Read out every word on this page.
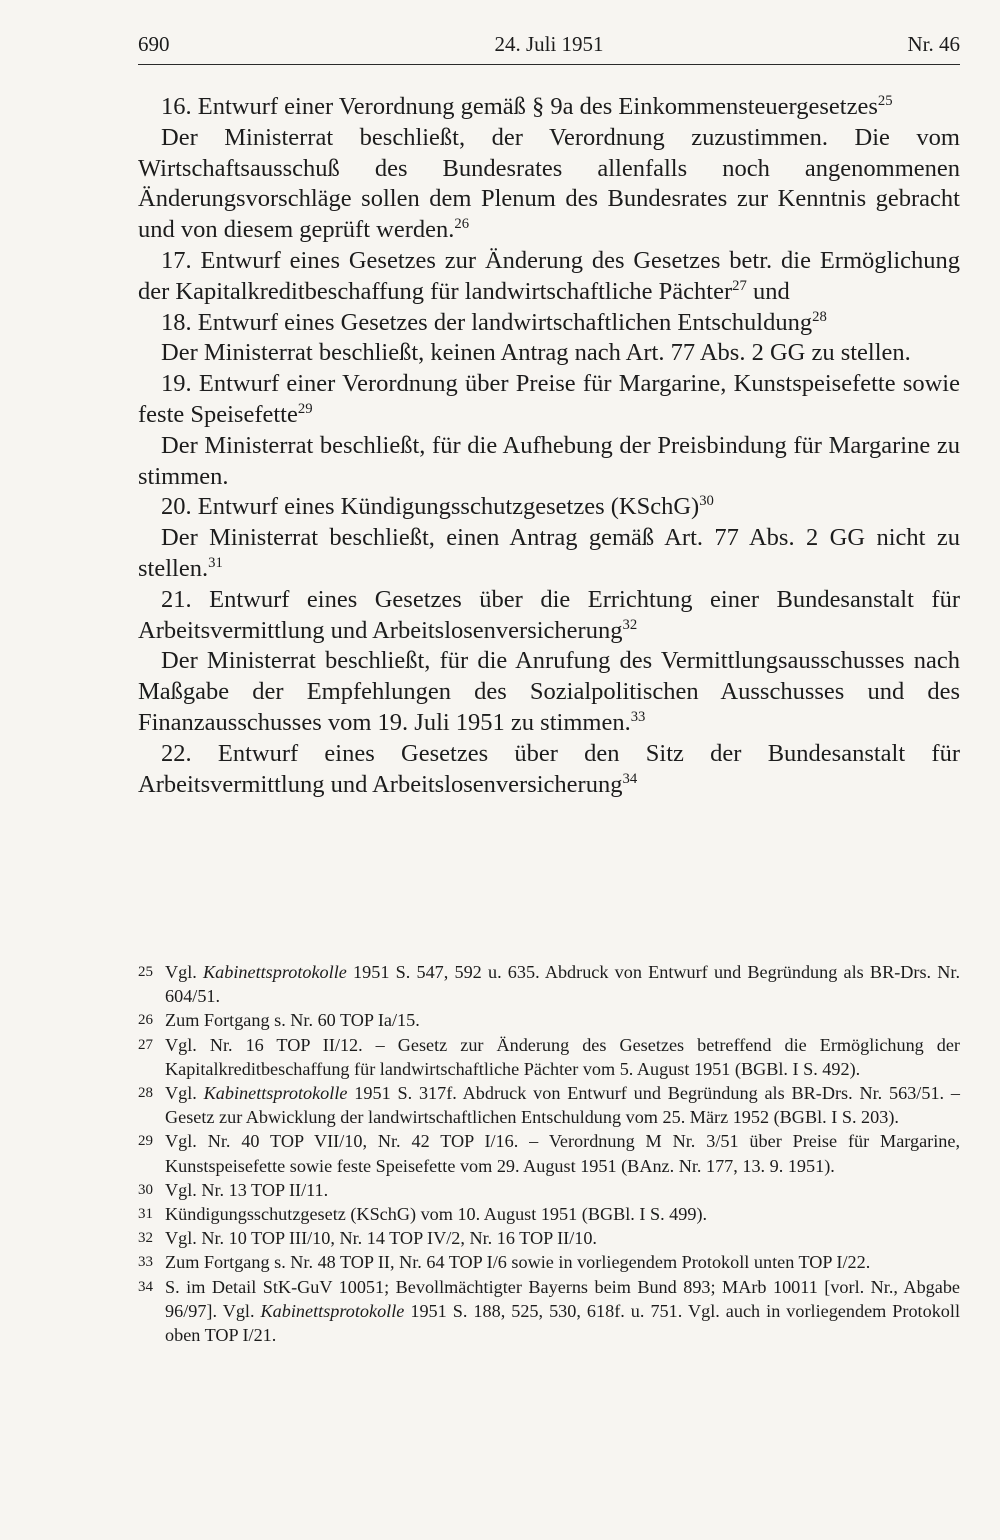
690	24. Juli 1951	Nr. 46

16. Entwurf einer Verordnung gemäß § 9a des Einkommensteuergesetzes$^{25}$

Der Ministerrat beschließt, der Verordnung zuzustimmen. Die vom Wirtschaftsausschuß des Bundesrates allenfalls noch angenommenen Änderungsvorschläge sollen dem Plenum des Bundesrates zur Kenntnis gebracht und von diesem geprüft werden.$^{26}$

17. Entwurf eines Gesetzes zur Änderung des Gesetzes betr. die Ermöglichung der Kapitalkreditbeschaffung für landwirtschaftliche Pächter$^{27}$ und

18. Entwurf eines Gesetzes der landwirtschaftlichen Entschuldung$^{28}$

Der Ministerrat beschließt, keinen Antrag nach Art. 77 Abs. 2 GG zu stellen.

19. Entwurf einer Verordnung über Preise für Margarine, Kunstspeisefette sowie feste Speisefette$^{29}$

Der Ministerrat beschließt, für die Aufhebung der Preisbindung für Margarine zu stimmen.

20. Entwurf eines Kündigungsschutzgesetzes (KSchG)$^{30}$

Der Ministerrat beschließt, einen Antrag gemäß Art. 77 Abs. 2 GG nicht zu stellen.$^{31}$

21. Entwurf eines Gesetzes über die Errichtung einer Bundesanstalt für Arbeitsvermittlung und Arbeitslosenversicherung$^{32}$

Der Ministerrat beschließt, für die Anrufung des Vermittlungsausschusses nach Maßgabe der Empfehlungen des Sozialpolitischen Ausschusses und des Finanzausschusses vom 19. Juli 1951 zu stimmen.$^{33}$

22. Entwurf eines Gesetzes über den Sitz der Bundesanstalt für Arbeitsvermittlung und Arbeitslosenversicherung$^{34}$

25 Vgl. Kabinettsprotokolle 1951 S. 547, 592 u. 635. Abdruck von Entwurf und Begründung als BR-Drs. Nr. 604/51.

26 Zum Fortgang s. Nr. 60 TOP Ia/15.

27 Vgl. Nr. 16 TOP II/12. – Gesetz zur Änderung des Gesetzes betreffend die Ermöglichung der Kapitalkreditbeschaffung für landwirtschaftliche Pächter vom 5. August 1951 (BGBl. I S. 492).

28 Vgl. Kabinettsprotokolle 1951 S. 317f. Abdruck von Entwurf und Begründung als BR-Drs. Nr. 563/51. – Gesetz zur Abwicklung der landwirtschaftlichen Entschuldung vom 25. März 1952 (BGBl. I S. 203).

29 Vgl. Nr. 40 TOP VII/10, Nr. 42 TOP I/16. – Verordnung M Nr. 3/51 über Preise für Margarine, Kunstspeisefette sowie feste Speisefette vom 29. August 1951 (BAnz. Nr. 177, 13. 9. 1951).

30 Vgl. Nr. 13 TOP II/11.

31 Kündigungsschutzgesetz (KSchG) vom 10. August 1951 (BGBl. I S. 499).

32 Vgl. Nr. 10 TOP III/10, Nr. 14 TOP IV/2, Nr. 16 TOP II/10.

33 Zum Fortgang s. Nr. 48 TOP II, Nr. 64 TOP I/6 sowie in vorliegendem Protokoll unten TOP I/22.

34 S. im Detail StK-GuV 10051; Bevollmächtigter Bayerns beim Bund 893; MArb 10011 [vorl. Nr., Abgabe 96/97]. Vgl. Kabinettsprotokolle 1951 S. 188, 525, 530, 618f. u. 751. Vgl. auch in vorliegendem Protokoll oben TOP I/21.
